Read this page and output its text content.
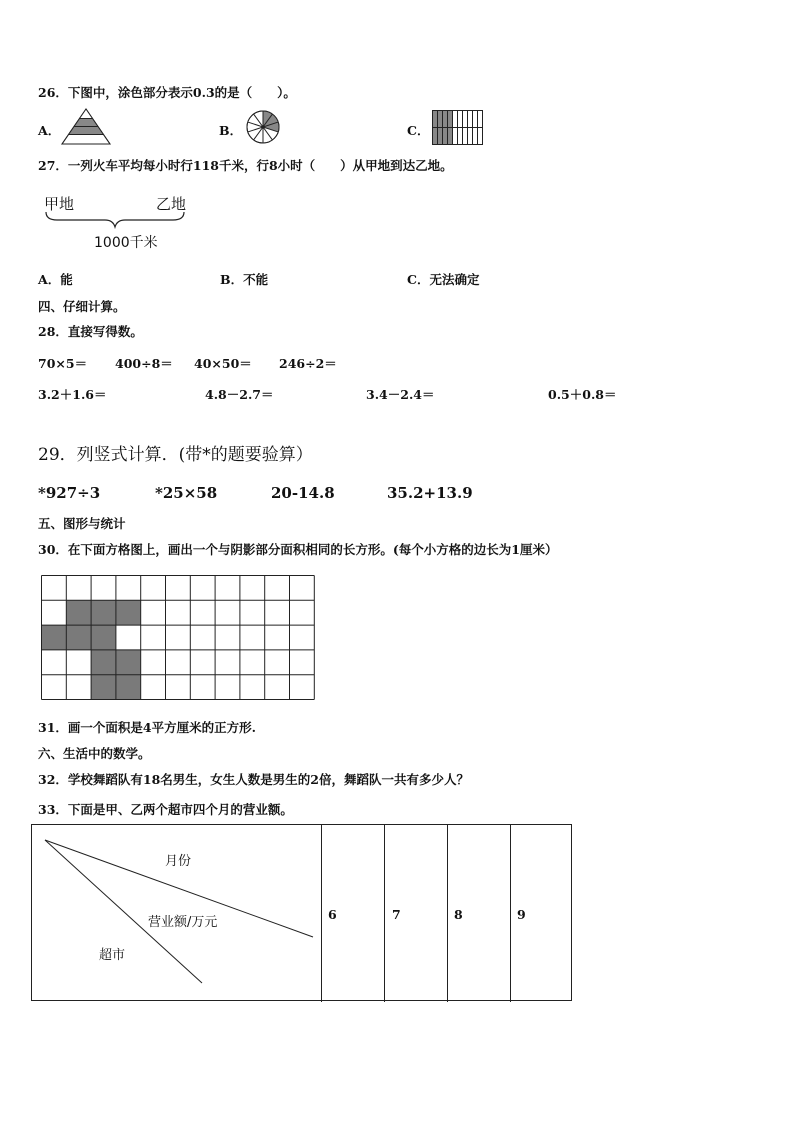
26．下图中，涂色部分表示0.3的是（　　）。
A．	B．	C．
27．一列火车平均每小时行118千米，行8小时（　　）从甲地到达乙地。
甲地	乙地
1000千米
A．能	B．不能	C．无法确定
四、仔细计算。
28．直接写得数。
70×5＝ 400÷8＝ 40×50＝ 246÷2＝
3.2＋1.6＝	4.8－2.7＝	3.4－2.4＝	0.5＋0.8＝
29．列竖式计算．(带*的题要验算）
*927÷3	*25×58	20-14.8	35.2+13.9
五、图形与统计
30．在下面方格图上，画出一个与阴影部分面积相同的长方形。(每个小方格的边长为1厘米）
31．画一个面积是4平方厘米的正方形.
六、生活中的数学。
32．学校舞蹈队有18名男生，女生人数是男生的2倍，舞蹈队一共有多少人？
33．下面是甲、乙两个超市四个月的营业额。
月份
营业额/万元
超市
6	7	8	9
